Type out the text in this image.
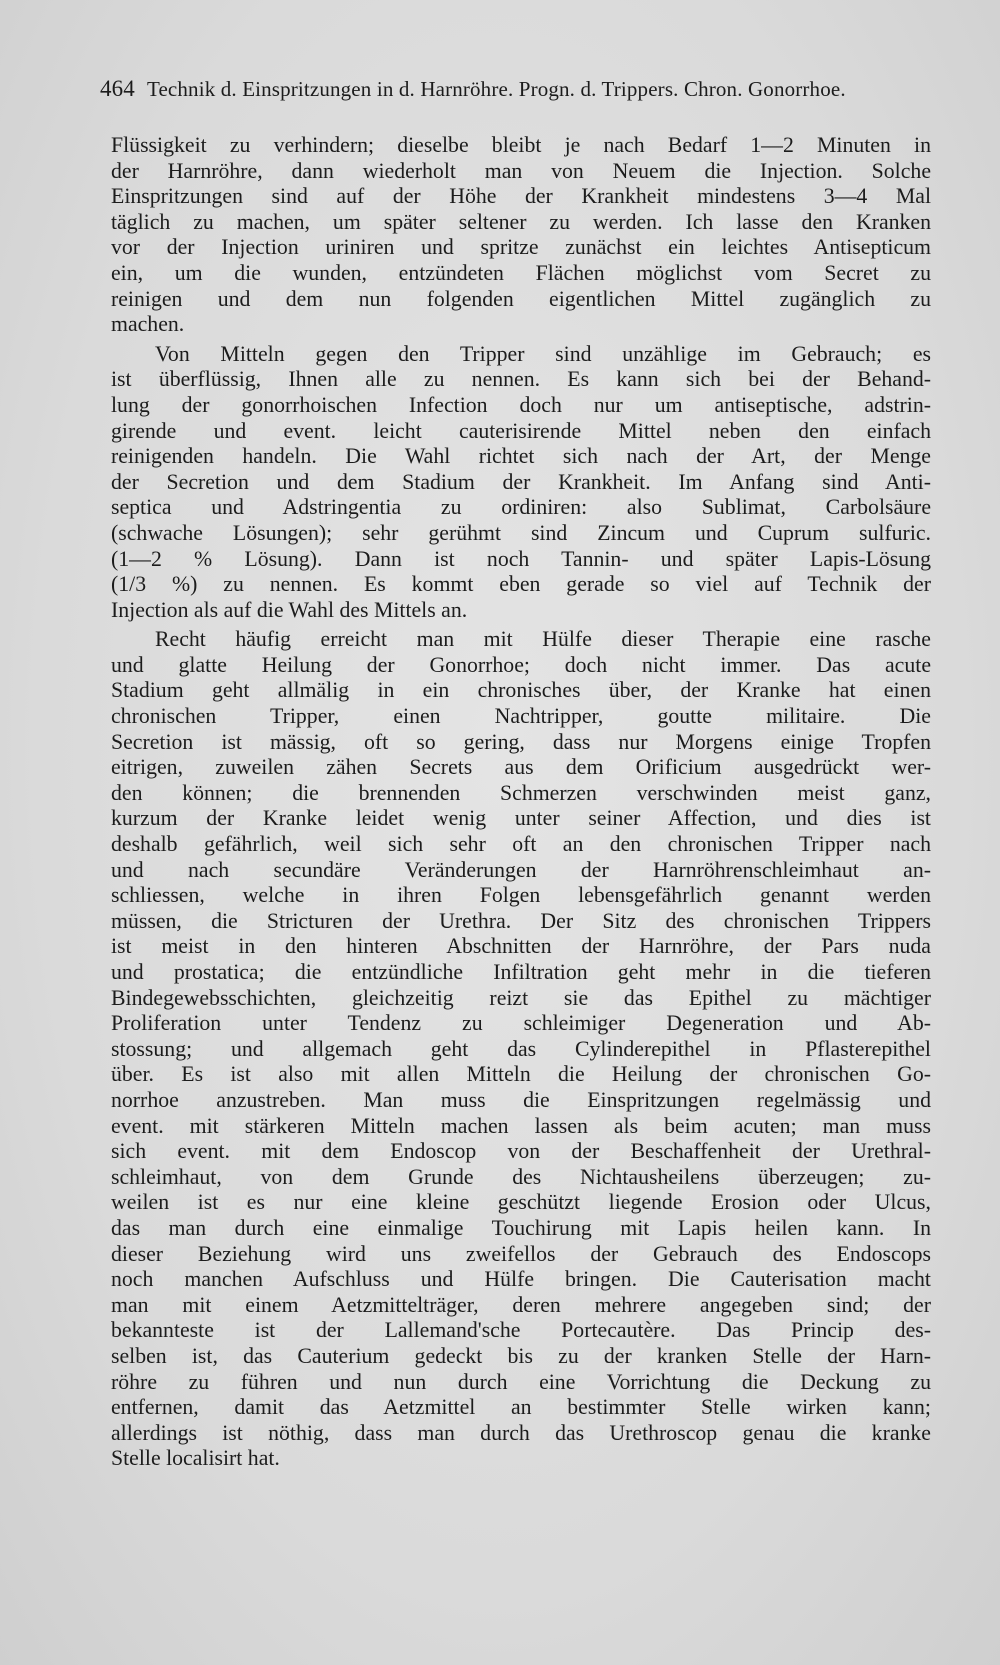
464 Technik d. Einspritzungen in d. Harnröhre. Progn. d. Trippers. Chron. Gonorrhoe.
Flüssigkeit zu verhindern; dieselbe bleibt je nach Bedarf 1—2 Minuten in
der Harnröhre, dann wiederholt man von Neuem die Injection. Solche
Einspritzungen sind auf der Höhe der Krankheit mindestens 3—4 Mal
täglich zu machen, um später seltener zu werden. Ich lasse den Kranken
vor der Injection uriniren und spritze zunächst ein leichtes Antisepticum
ein, um die wunden, entzündeten Flächen möglichst vom Secret zu
reinigen und dem nun folgenden eigentlichen Mittel zugänglich zu
machen.
Von Mitteln gegen den Tripper sind unzählige im Gebrauch; es
ist überflüssig, Ihnen alle zu nennen. Es kann sich bei der Behand-
lung der gonorrhoischen Infection doch nur um antiseptische, adstrin-
girende und event. leicht cauterisirende Mittel neben den einfach
reinigenden handeln. Die Wahl richtet sich nach der Art, der Menge
der Secretion und dem Stadium der Krankheit. Im Anfang sind Anti-
septica und Adstringentia zu ordiniren: also Sublimat, Carbolsäure
(schwache Lösungen); sehr gerühmt sind Zincum und Cuprum sulfuric.
(1—2 % Lösung). Dann ist noch Tannin- und später Lapis-Lösung
(1/3 %) zu nennen. Es kommt eben gerade so viel auf Technik der
Injection als auf die Wahl des Mittels an.
Recht häufig erreicht man mit Hülfe dieser Therapie eine rasche
und glatte Heilung der Gonorrhoe; doch nicht immer. Das acute
Stadium geht allmälig in ein chronisches über, der Kranke hat einen
chronischen Tripper, einen Nachtripper, goutte militaire. Die
Secretion ist mässig, oft so gering, dass nur Morgens einige Tropfen
eitrigen, zuweilen zähen Secrets aus dem Orificium ausgedrückt wer-
den können; die brennenden Schmerzen verschwinden meist ganz,
kurzum der Kranke leidet wenig unter seiner Affection, und dies ist
deshalb gefährlich, weil sich sehr oft an den chronischen Tripper nach
und nach secundäre Veränderungen der Harnröhrenschleimhaut an-
schliessen, welche in ihren Folgen lebensgefährlich genannt werden
müssen, die Stricturen der Urethra. Der Sitz des chronischen Trippers
ist meist in den hinteren Abschnitten der Harnröhre, der Pars nuda
und prostatica; die entzündliche Infiltration geht mehr in die tieferen
Bindegewebsschichten, gleichzeitig reizt sie das Epithel zu mächtiger
Proliferation unter Tendenz zu schleimiger Degeneration und Ab-
stossung; und allgemach geht das Cylinderepithel in Pflasterepithel
über. Es ist also mit allen Mitteln die Heilung der chronischen Go-
norrhoe anzustreben. Man muss die Einspritzungen regelmässig und
event. mit stärkeren Mitteln machen lassen als beim acuten; man muss
sich event. mit dem Endoscop von der Beschaffenheit der Urethral-
schleimhaut, von dem Grunde des Nichtausheilens überzeugen; zu-
weilen ist es nur eine kleine geschützt liegende Erosion oder Ulcus,
das man durch eine einmalige Touchirung mit Lapis heilen kann. In
dieser Beziehung wird uns zweifellos der Gebrauch des Endoscops
noch manchen Aufschluss und Hülfe bringen. Die Cauterisation macht
man mit einem Aetzmittelträger, deren mehrere angegeben sind; der
bekannteste ist der Lallemand'sche Portecautère. Das Princip des-
selben ist, das Cauterium gedeckt bis zu der kranken Stelle der Harn-
röhre zu führen und nun durch eine Vorrichtung die Deckung zu
entfernen, damit das Aetzmittel an bestimmter Stelle wirken kann;
allerdings ist nöthig, dass man durch das Urethroscop genau die kranke
Stelle localisirt hat.
